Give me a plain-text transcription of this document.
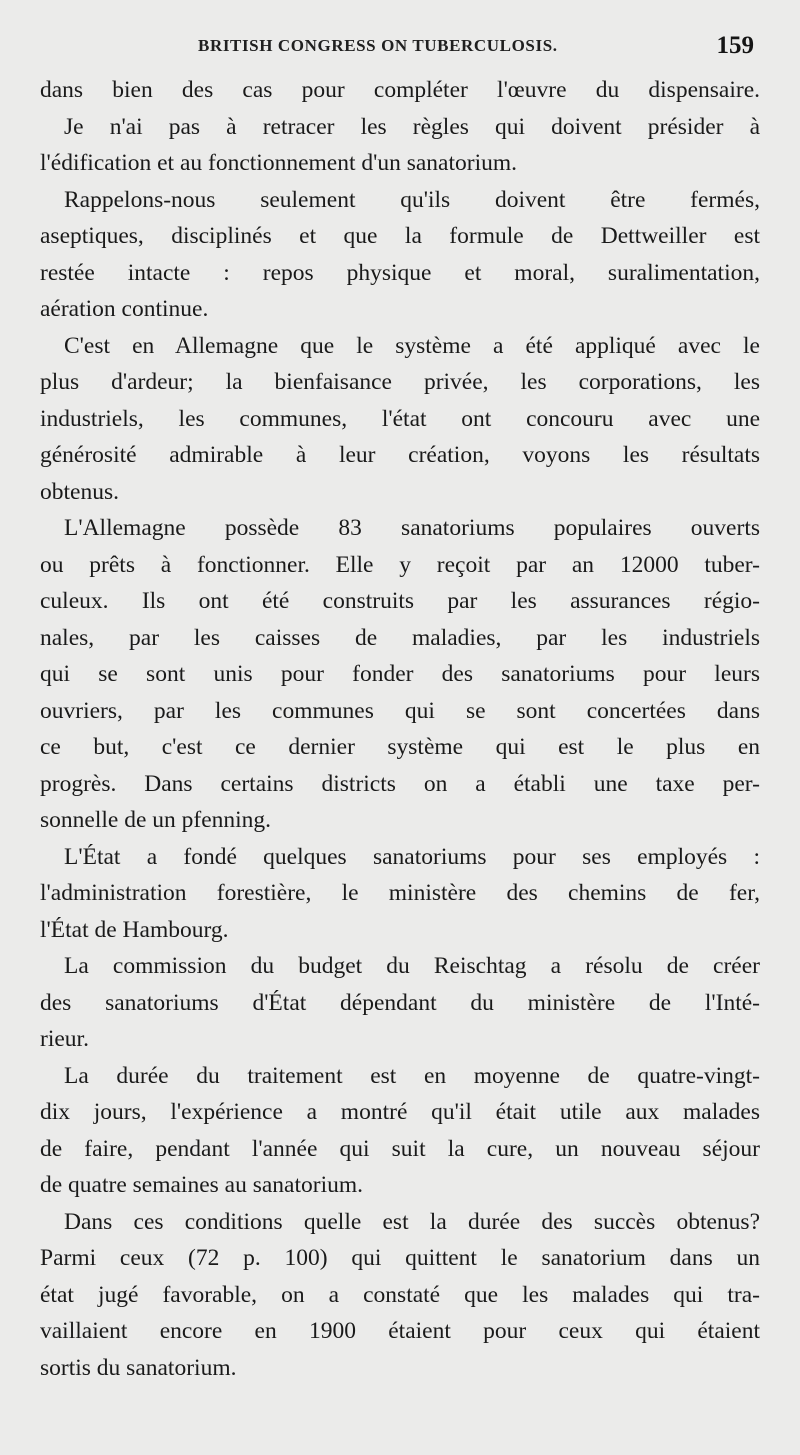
BRITISH CONGRESS ON TUBERCULOSIS.	159
dans bien des cas pour compléter l'œuvre du dispensaire.
Je n'ai pas à retracer les règles qui doivent présider à
l'édification et au fonctionnement d'un sanatorium.
Rappelons-nous seulement qu'ils doivent être fermés,
aseptiques, disciplinés et que la formule de Dettweiller est
restée intacte : repos physique et moral, suralimentation,
aération continue.
C'est en Allemagne que le système a été appliqué avec le
plus d'ardeur; la bienfaisance privée, les corporations, les
industriels, les communes, l'état ont concouru avec une
générosité admirable à leur création, voyons les résultats
obtenus.
L'Allemagne possède 83 sanatoriums populaires ouverts
ou prêts à fonctionner. Elle y reçoit par an 12000 tuber-
culeux. Ils ont été construits par les assurances régio-
nales, par les caisses de maladies, par les industriels
qui se sont unis pour fonder des sanatoriums pour leurs
ouvriers, par les communes qui se sont concertées dans
ce but, c'est ce dernier système qui est le plus en
progrès. Dans certains districts on a établi une taxe per-
sonnelle de un pfenning.
L'État a fondé quelques sanatoriums pour ses employés :
l'administration forestière, le ministère des chemins de fer,
l'État de Hambourg.
La commission du budget du Reischtag a résolu de créer
des sanatoriums d'État dépendant du ministère de l'Inté-
rieur.
La durée du traitement est en moyenne de quatre-vingt-
dix jours, l'expérience a montré qu'il était utile aux malades
de faire, pendant l'année qui suit la cure, un nouveau séjour
de quatre semaines au sanatorium.
Dans ces conditions quelle est la durée des succès obtenus?
Parmi ceux (72 p. 100) qui quittent le sanatorium dans un
état jugé favorable, on a constaté que les malades qui tra-
vaillaient encore en 1900 étaient pour ceux qui étaient
sortis du sanatorium.
